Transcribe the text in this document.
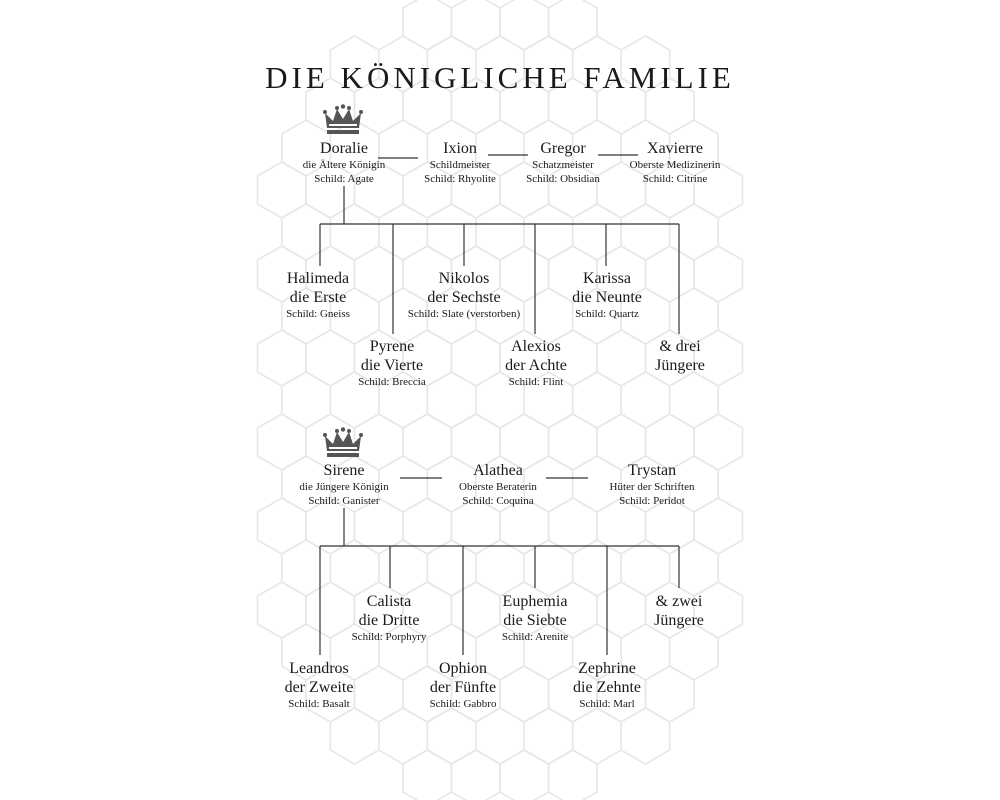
DIE KÖNIGLICHE FAMILIE
Doralie
die Ältere Königin
Schild: Agate
Ixion
Schildmeister
Schild: Rhyolite
Gregor
Schatzmeister
Schild: Obsidian
Xavierre
Oberste Medizinerin
Schild: Citrine
Halimeda
die Erste
Schild: Gneiss
Pyrene
die Vierte
Schild: Breccia
Nikolos
der Sechste
Schild: Slate (verstorben)
Alexios
der Achte
Schild: Flint
Karissa
die Neunte
Schild: Quartz
& drei
Jüngere
Sirene
die Jüngere Königin
Schild: Ganister
Alathea
Oberste Beraterin
Schild: Coquina
Trystan
Hüter der Schriften
Schild: Peridot
Leandros
der Zweite
Schild: Basalt
Calista
die Dritte
Schild: Porphyry
Ophion
der Fünfte
Schild: Gabbro
Euphemia
die Siebte
Schild: Arenite
Zephrine
die Zehnte
Schild: Marl
& zwei
Jüngere
